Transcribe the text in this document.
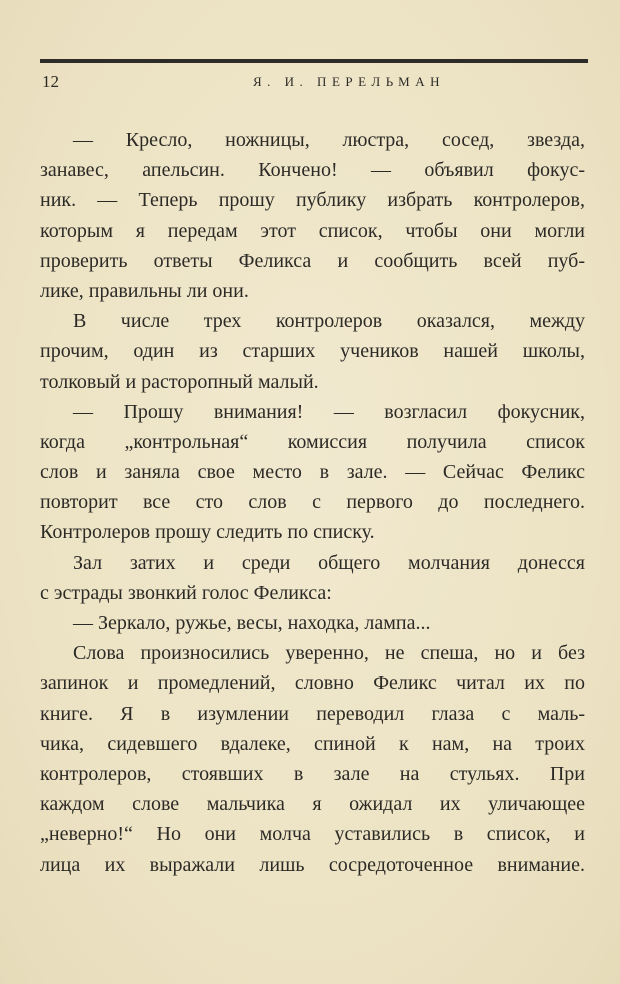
12	Я. И. ПЕРЕЛЬМАН
— Кресло, ножницы, люстра, сосед, звезда,
занавес, апельсин. Кончено! — объявил фокус-
ник. — Теперь прошу публику избрать контролеров,
которым я передам этот список, чтобы они могли
проверить ответы Феликса и сообщить всей пуб-
лике, правильны ли они.
В числе трех контролеров оказался, между
прочим, один из старших учеников нашей школы,
толковый и расторопный малый.
— Прошу внимания! — возгласил фокусник,
когда „контрольная“ комиссия получила список
слов и заняла свое место в зале. — Сейчас Феликс
повторит все сто слов с первого до последнего.
Контролеров прошу следить по списку.
Зал затих и среди общего молчания донесся
с эстрады звонкий голос Феликса:
— Зеркало, ружье, весы, находка, лампа...
Слова произносились уверенно, не спеша, но и без
запинок и промедлений, словно Феликс читал их по
книге. Я в изумлении переводил глаза с маль-
чика, сидевшего вдалеке, спиной к нам, на троих
контролеров, стоявших в зале на стульях. При
каждом слове мальчика я ожидал их уличающее
„неверно!“ Но они молча уставились в список, и
лица их выражали лишь сосредоточенное внимание.
